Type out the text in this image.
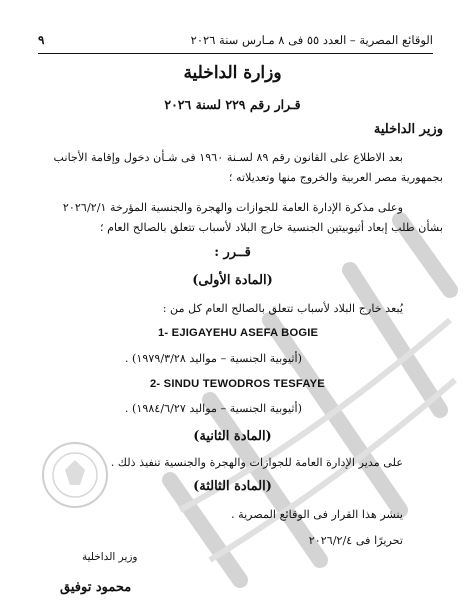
٩	الوقائع المصرية – العدد ٥٥ فى ٨ مـارس سنة ٢٠٢٦
وزارة الداخلية
قـرار رقم ٢٢٩ لسنة ٢٠٢٦
وزير الداخلية
بعد الاطلاع على القانون رقم ٨٩ لسـنة ١٩٦٠ فى شـأن دخول وإقامة الأجانب
بجمهورية مصر العربية والخروج منها وتعديلاته ؛
وعلى مذكرة الإدارة العامة للجوازات والهجرة والجنسية المؤرخة ٢٠٢٦/٢/١
بشأن طلب إبعاد أثيوبيتين الجنسية خارج البلاد لأسباب تتعلق بالصالح العام ؛
قــرر :
(المادة الأولى)
يُبعد خارج البلاد لأسباب تتعلق بالصالح العام كل من :
1- EJIGAYEHU ASEFA BOGIE
(أثيوبية الجنسية – مواليد ١٩٧٩/٣/٢٨) .
2- SINDU TEWODROS TESFAYE
(أثيوبية الجنسية – مواليد ١٩٨٤/٦/٢٧) .
(المادة الثانية)
على مدير الإدارة العامة للجوازات والهجرة والجنسية تنفيذ ذلك .
(المادة الثالثة)
ينشر هذا القرار فى الوقائع المصرية .
تحريرًا فى ٢٠٢٦/٢/٤
وزير الداخلية
محمود توفيق
